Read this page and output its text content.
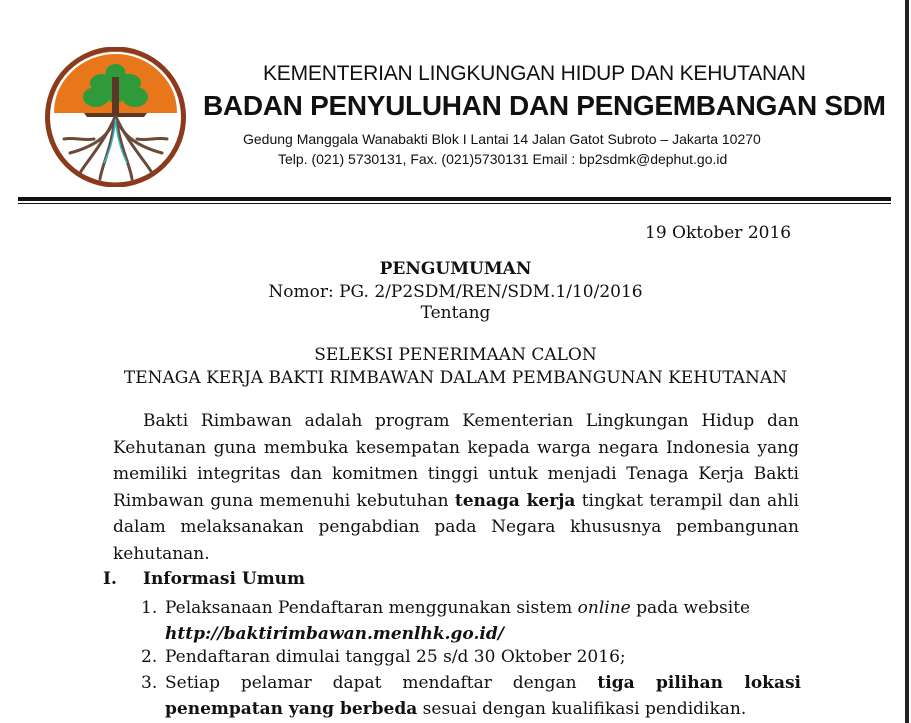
KEMENTERIAN LINGKUNGAN HIDUP DAN KEHUTANAN
BADAN PENYULUHAN DAN PENGEMBANGAN SDM
Gedung Manggala Wanabakti Blok I Lantai 14 Jalan Gatot Subroto – Jakarta 10270
Telp. (021) 5730131, Fax. (021)5730131 Email : bp2sdmk@dephut.go.id
19 Oktober 2016
PENGUMUMAN
Nomor: PG. 2/P2SDM/REN/SDM.1/10/2016
Tentang
SELEKSI PENERIMAAN CALON
TENAGA KERJA BAKTI RIMBAWAN DALAM PEMBANGUNAN KEHUTANAN
Bakti Rimbawan adalah program Kementerian Lingkungan Hidup dan Kehutanan guna membuka kesempatan kepada warga negara Indonesia yang memiliki integritas dan komitmen tinggi untuk menjadi Tenaga Kerja Bakti Rimbawan guna memenuhi kebutuhan tenaga kerja tingkat terampil dan ahli dalam melaksanakan pengabdian pada Negara khususnya pembangunan kehutanan.
I. Informasi Umum
1. Pelaksanaan Pendaftaran menggunakan sistem online pada website
http://baktirimbawan.menlhk.go.id/
2. Pendaftaran dimulai tanggal 25 s/d 30 Oktober 2016;
3. Setiap pelamar dapat mendaftar dengan tiga pilihan lokasi penempatan yang berbeda sesuai dengan kualifikasi pendidikan.
